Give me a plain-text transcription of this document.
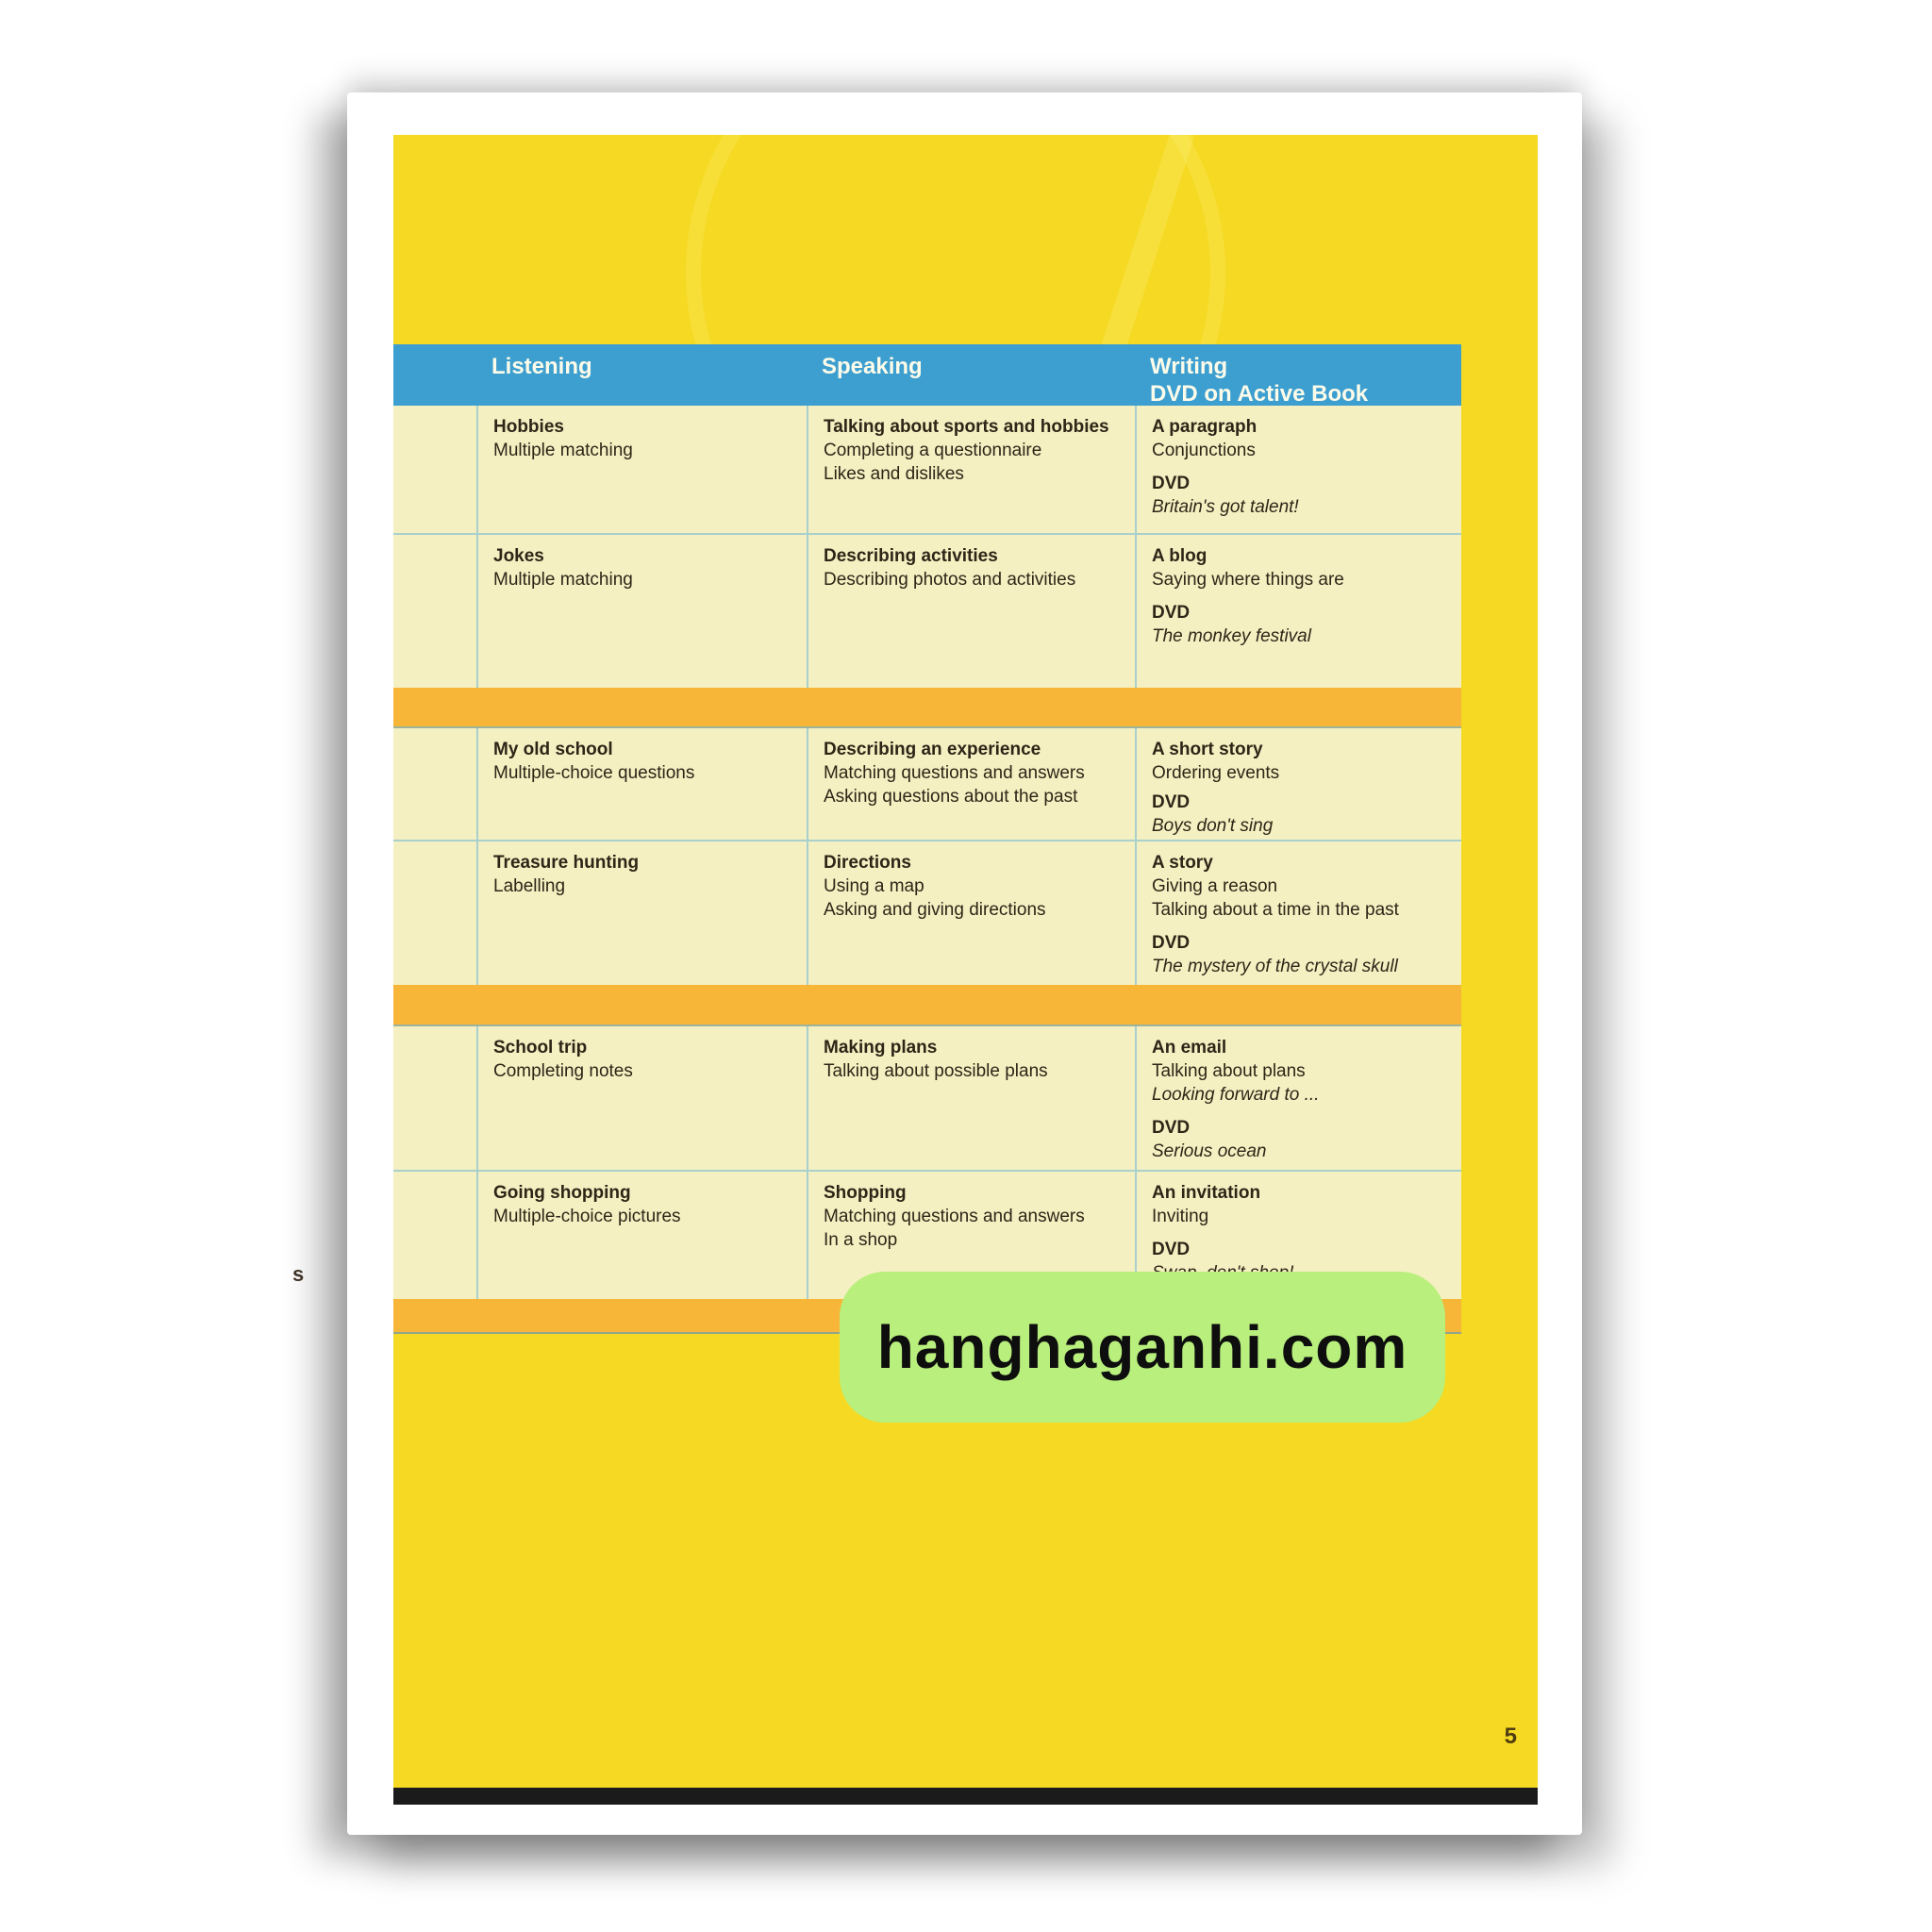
s
Listening	Speaking	Writing
DVD on Active Book
Hobbies
Multiple matching
Talking about sports and hobbies
Completing a questionnaire
Likes and dislikes
A paragraph
Conjunctions
DVD
Britain's got talent!
Jokes
Multiple matching
Describing activities
Describing photos and activities
A blog
Saying where things are
DVD
The monkey festival
My old school
Multiple-choice questions
Describing an experience
Matching questions and answers
Asking questions about the past
A short story
Ordering events
DVD
Boys don't sing
Treasure hunting
Labelling
Directions
Using a map
Asking and giving directions
A story
Giving a reason
Talking about a time in the past
DVD
The mystery of the crystal skull
School trip
Completing notes
Making plans
Talking about possible plans
An email
Talking about plans
Looking forward to ...
DVD
Serious ocean
Going shopping
Multiple-choice pictures
Shopping
Matching questions and answers
In a shop
An invitation
Inviting
DVD
5
hanghaganhi.com
